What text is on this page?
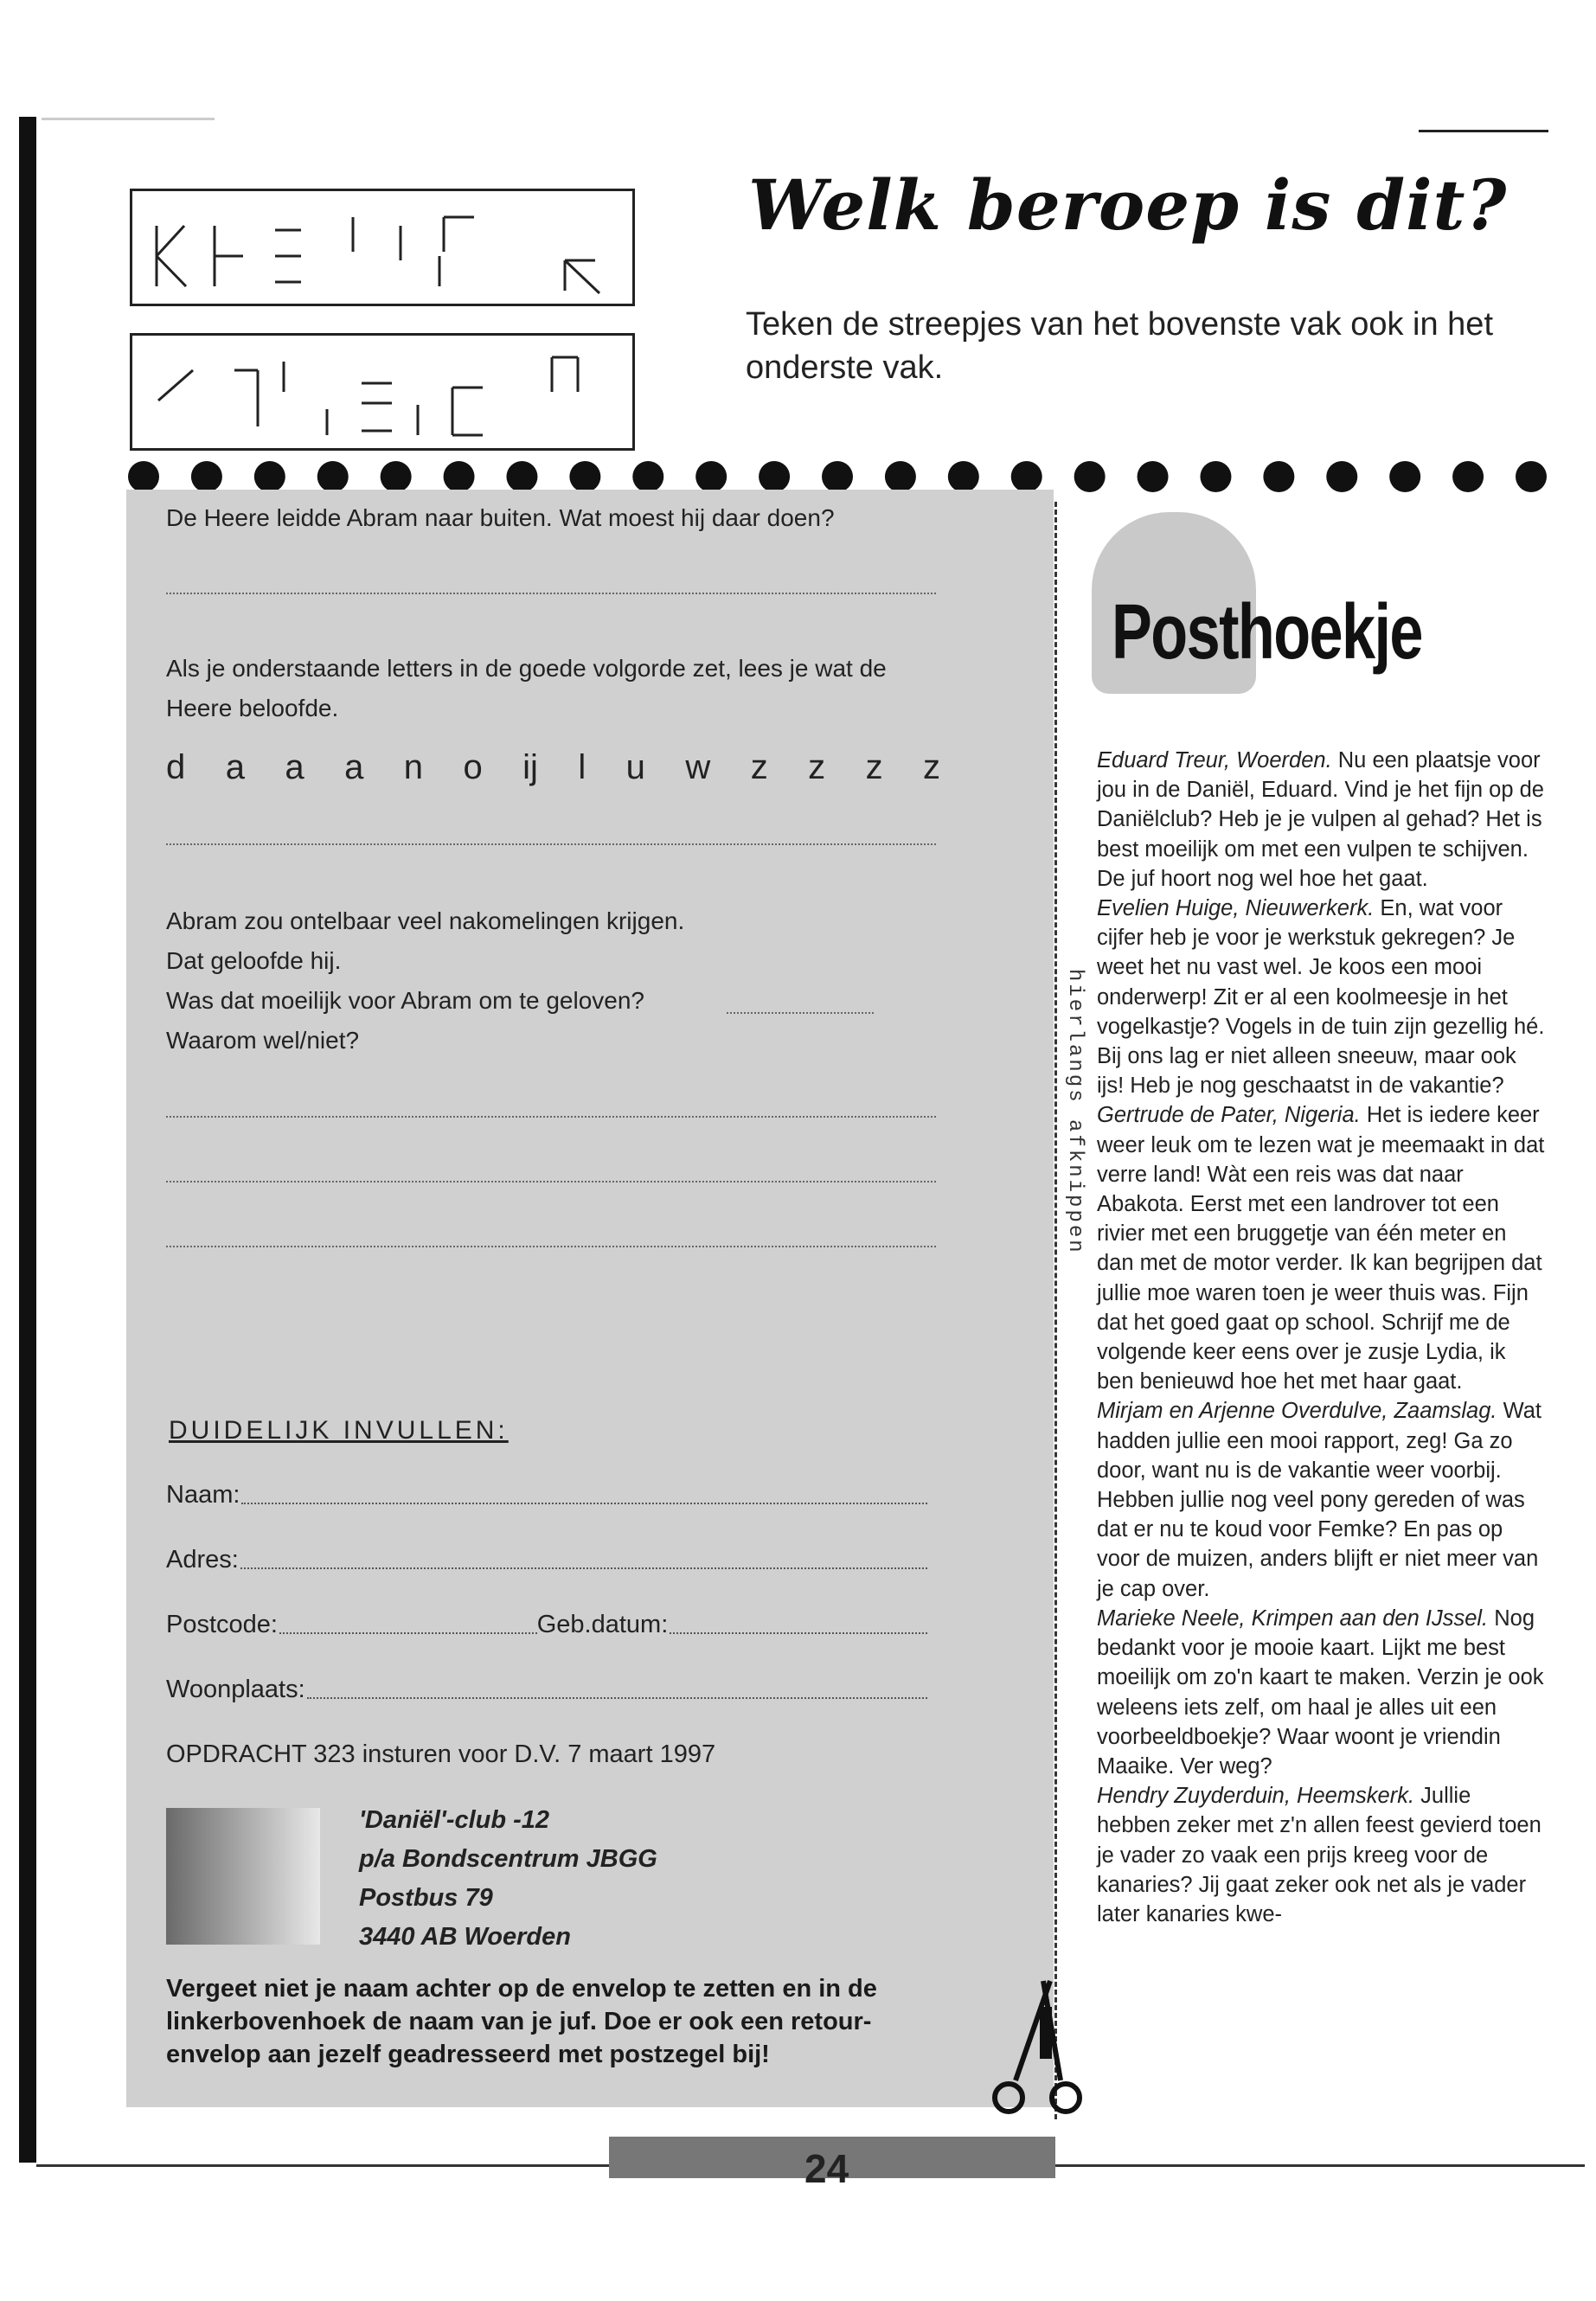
Welk beroep is dit?
Teken de streepjes van het bovenste vak ook in het onderste vak.
24
De Heere leidde Abram naar buiten. Wat moest hij daar doen?
Als je onderstaande letters in de goede volgorde zet, lees je wat de Heere beloofde.
d a a a n o ij l u w z z z z
Abram zou ontelbaar veel nakomelingen krijgen.
Dat geloofde hij.
Was dat moeilijk voor Abram om te geloven?
Waarom wel/niet?
DUIDELIJK INVULLEN:
Naam:
Adres:
Postcode:	Geb.datum:
Woonplaats:
OPDRACHT 323 insturen voor D.V. 7 maart 1997
'Daniël'-club -12
p/a Bondscentrum JBGG
Postbus 79
3440 AB Woerden
Vergeet niet je naam achter op de envelop te zetten en in de linkerbovenhoek de naam van je juf. Doe er ook een retour-envelop aan jezelf geadresseerd met postzegel bij!
hierlangs afknippen
Posthoekje
Eduard Treur, Woerden. Nu een plaatsje voor jou in de Daniël, Eduard. Vind je het fijn op de Daniëlclub? Heb je je vulpen al gehad? Het is best moeilijk om met een vulpen te schijven. De juf hoort nog wel hoe het gaat.
Evelien Huige, Nieuwerkerk. En, wat voor cijfer heb je voor je werkstuk gekregen? Je weet het nu vast wel. Je koos een mooi onderwerp! Zit er al een koolmeesje in het vogelkastje? Vogels in de tuin zijn gezellig hé. Bij ons lag er niet alleen sneeuw, maar ook ijs! Heb je nog geschaatst in de vakantie?
Gertrude de Pater, Nigeria. Het is iedere keer weer leuk om te lezen wat je meemaakt in dat verre land! Wàt een reis was dat naar Abakota. Eerst met een landrover tot een rivier met een bruggetje van één meter en dan met de motor verder. Ik kan begrijpen dat jullie moe waren toen je weer thuis was. Fijn dat het goed gaat op school. Schrijf me de volgende keer eens over je zusje Lydia, ik ben benieuwd hoe het met haar gaat.
Mirjam en Arjenne Overdulve, Zaamslag. Wat hadden jullie een mooi rapport, zeg! Ga zo door, want nu is de vakantie weer voorbij. Hebben jullie nog veel pony gereden of was dat er nu te koud voor Femke? En pas op voor de muizen, anders blijft er niet meer van je cap over.
Marieke Neele, Krimpen aan den IJssel. Nog bedankt voor je mooie kaart. Lijkt me best moeilijk om zo'n kaart te maken. Verzin je ook weleens iets zelf, om haal je alles uit een voorbeeldboekje? Waar woont je vriendin Maaike. Ver weg?
Hendry Zuyderduin, Heemskerk. Jullie hebben zeker met z'n allen feest gevierd toen je vader zo vaak een prijs kreeg voor de kanaries? Jij gaat zeker ook net als je vader later kanaries kwe-
